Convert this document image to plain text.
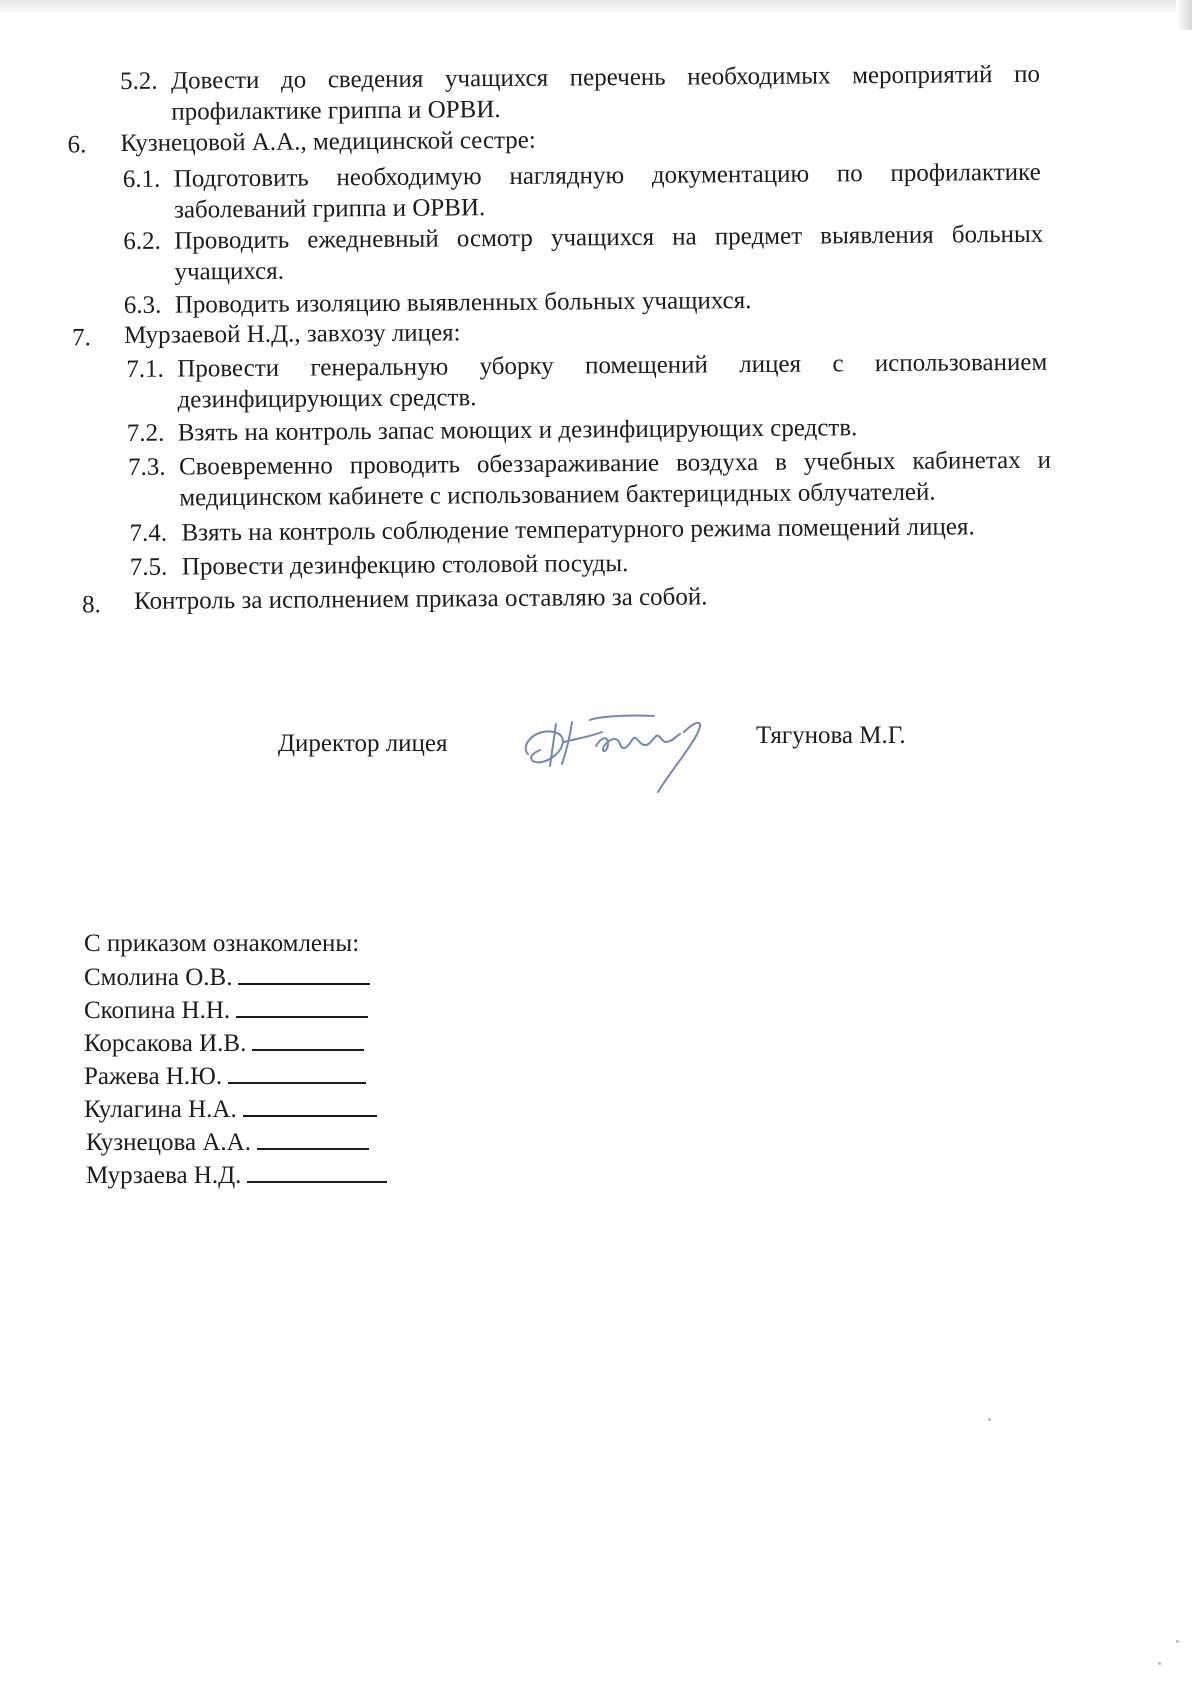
5.2. Довести до сведения учащихся перечень необходимых мероприятий по
профилактике гриппа и ОРВИ.
6. Кузнецовой А.А., медицинской сестре:
6.1. Подготовить необходимую наглядную документацию по профилактике
заболеваний гриппа и ОРВИ.
6.2. Проводить ежедневный осмотр учащихся на предмет выявления больных
учащихся.
6.3. Проводить изоляцию выявленных больных учащихся.
7. Мурзаевой Н.Д., завхозу лицея:
7.1. Провести генеральную уборку помещений лицея с использованием
дезинфицирующих средств.
7.2. Взять на контроль запас моющих и дезинфицирующих средств.
7.3. Своевременно проводить обеззараживание воздуха в учебных кабинетах и
медицинском кабинете с использованием бактерицидных облучателей.
7.4. Взять на контроль соблюдение температурного режима помещений лицея.
7.5. Провести дезинфекцию столовой посуды.
8. Контроль за исполнением приказа оставляю за собой.
Директор лицея	Тягунова М.Г.
С приказом ознакомлены:
Смолина О.В.
Скопина Н.Н.
Корсакова И.В.
Ражева Н.Ю.
Кулагина Н.А.
Кузнецова А.А.
Мурзаева Н.Д.
